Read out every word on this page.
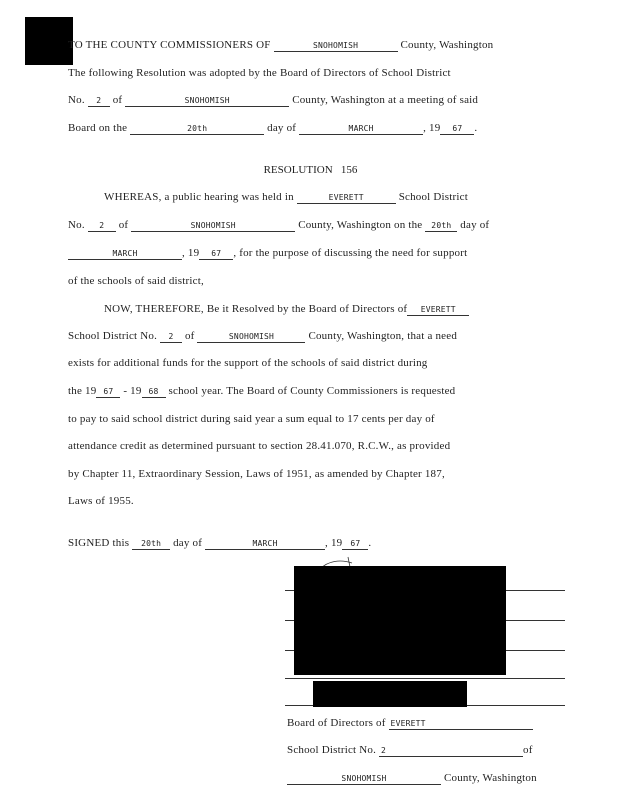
TO THE COUNTY COMMISSIONERS OF	SNOHOMISH	County, Washington
The following Resolution was adopted by the Board of Directors of School District
No. 2 of	SNOHOMISH	County, Washington at a meeting of said
Board on the	20th	day of	MARCH	, 19 67 .
RESOLUTION 156
WHEREAS, a public hearing was held in	EVERETT	School District
No. 2 of	SNOHOMISH	County, Washington on the 20th day of
MARCH	, 19 67 , for the purpose of discussing the need for support
of the schools of said district,
NOW, THEREFORE, Be it Resolved by the Board of Directors of EVERETT
School District No. 2 of	SNOHOMISH	County, Washington, that a need
exists for additional funds for the support of the schools of said district during
the 19 67 - 19 68 school year. The Board of County Commissioners is requested
to pay to said school district during said year a sum equal to 17 cents per day of
attendance credit as determined pursuant to section 28.41.070, R.C.W., as provided
by Chapter 11, Extraordinary Session, Laws of 1951, as amended by Chapter 187,
Laws of 1955.
SIGNED this 20th day of	MARCH	, 19 67 .
Board of Directors of EVERETT
School District No. 2	of
SNOHOMISH	County, Washington
